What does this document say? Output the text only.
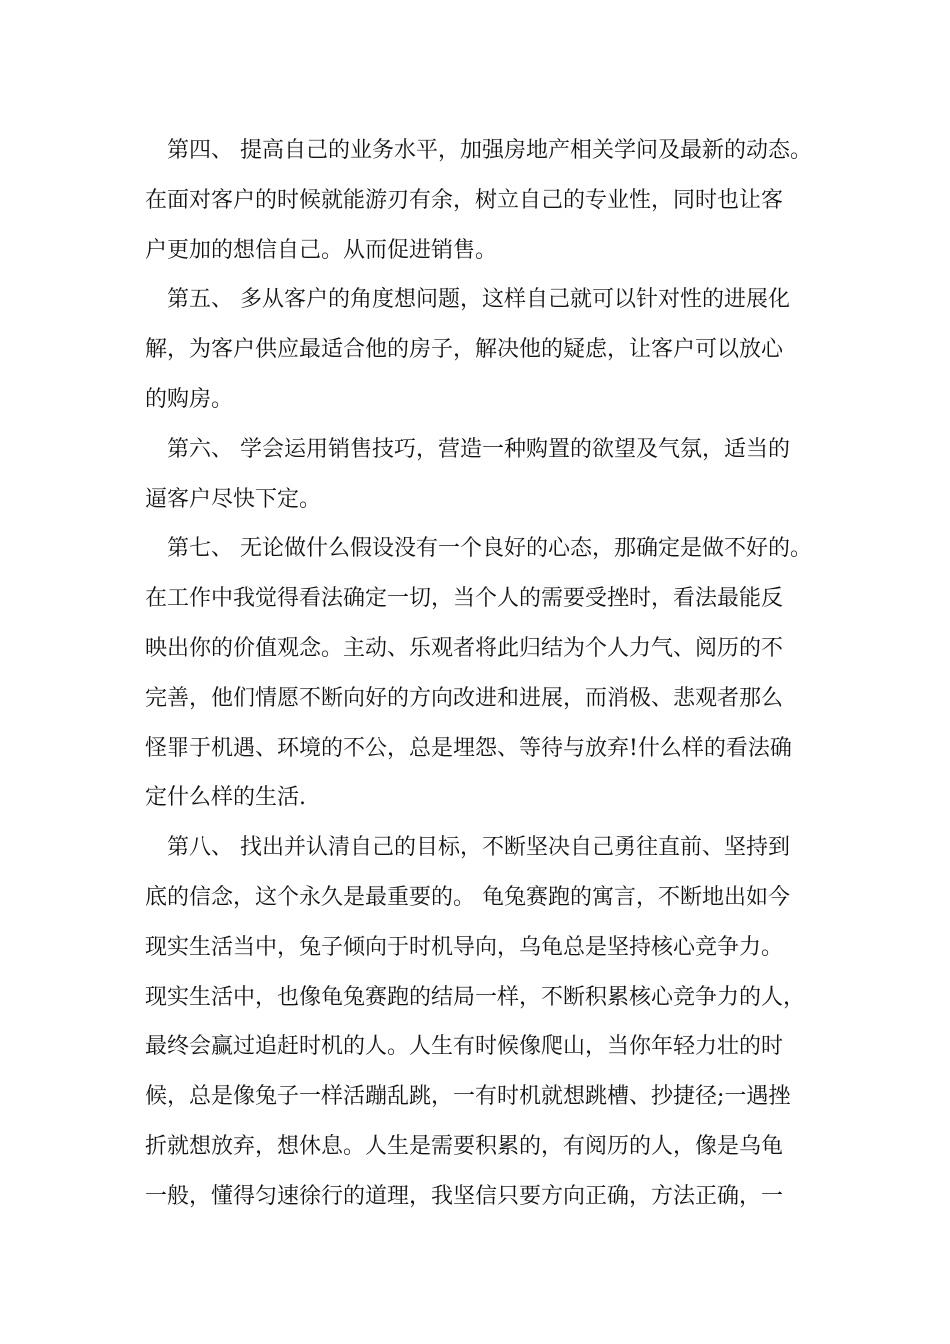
第四、 提高自己的业务水平，加强房地产相关学问及最新的动态。
在面对客户的时候就能游刃有余，树立自己的专业性，同时也让客
户更加的想信自己。从而促进销售。
第五、 多从客户的角度想问题，这样自己就可以针对性的进展化
解，为客户供应最适合他的房子，解决他的疑虑，让客户可以放心
的购房。
第六、 学会运用销售技巧，营造一种购置的欲望及气氛，适当的
逼客户尽快下定。
第七、 无论做什么假设没有一个良好的心态，那确定是做不好的。
在工作中我觉得看法确定一切，当个人的需要受挫时，看法最能反
映出你的价值观念。主动、乐观者将此归结为个人力气、阅历的不
完善，他们情愿不断向好的方向改进和进展，而消极、悲观者那么
怪罪于机遇、环境的不公，总是埋怨、等待与放弃!什么样的看法确
定什么样的生活.
第八、 找出并认清自己的目标，不断坚决自己勇往直前、坚持到
底的信念，这个永久是最重要的。 龟兔赛跑的寓言，不断地出如今
现实生活当中，兔子倾向于时机导向，乌龟总是坚持核心竞争力。
现实生活中，也像龟兔赛跑的结局一样，不断积累核心竞争力的人，
最终会赢过追赶时机的人。人生有时候像爬山，当你年轻力壮的时
候，总是像兔子一样活蹦乱跳，一有时机就想跳槽、抄捷径;一遇挫
折就想放弃，想休息。人生是需要积累的，有阅历的人，像是乌龟
一般，懂得匀速徐行的道理，我坚信只要方向正确，方法正确，一
